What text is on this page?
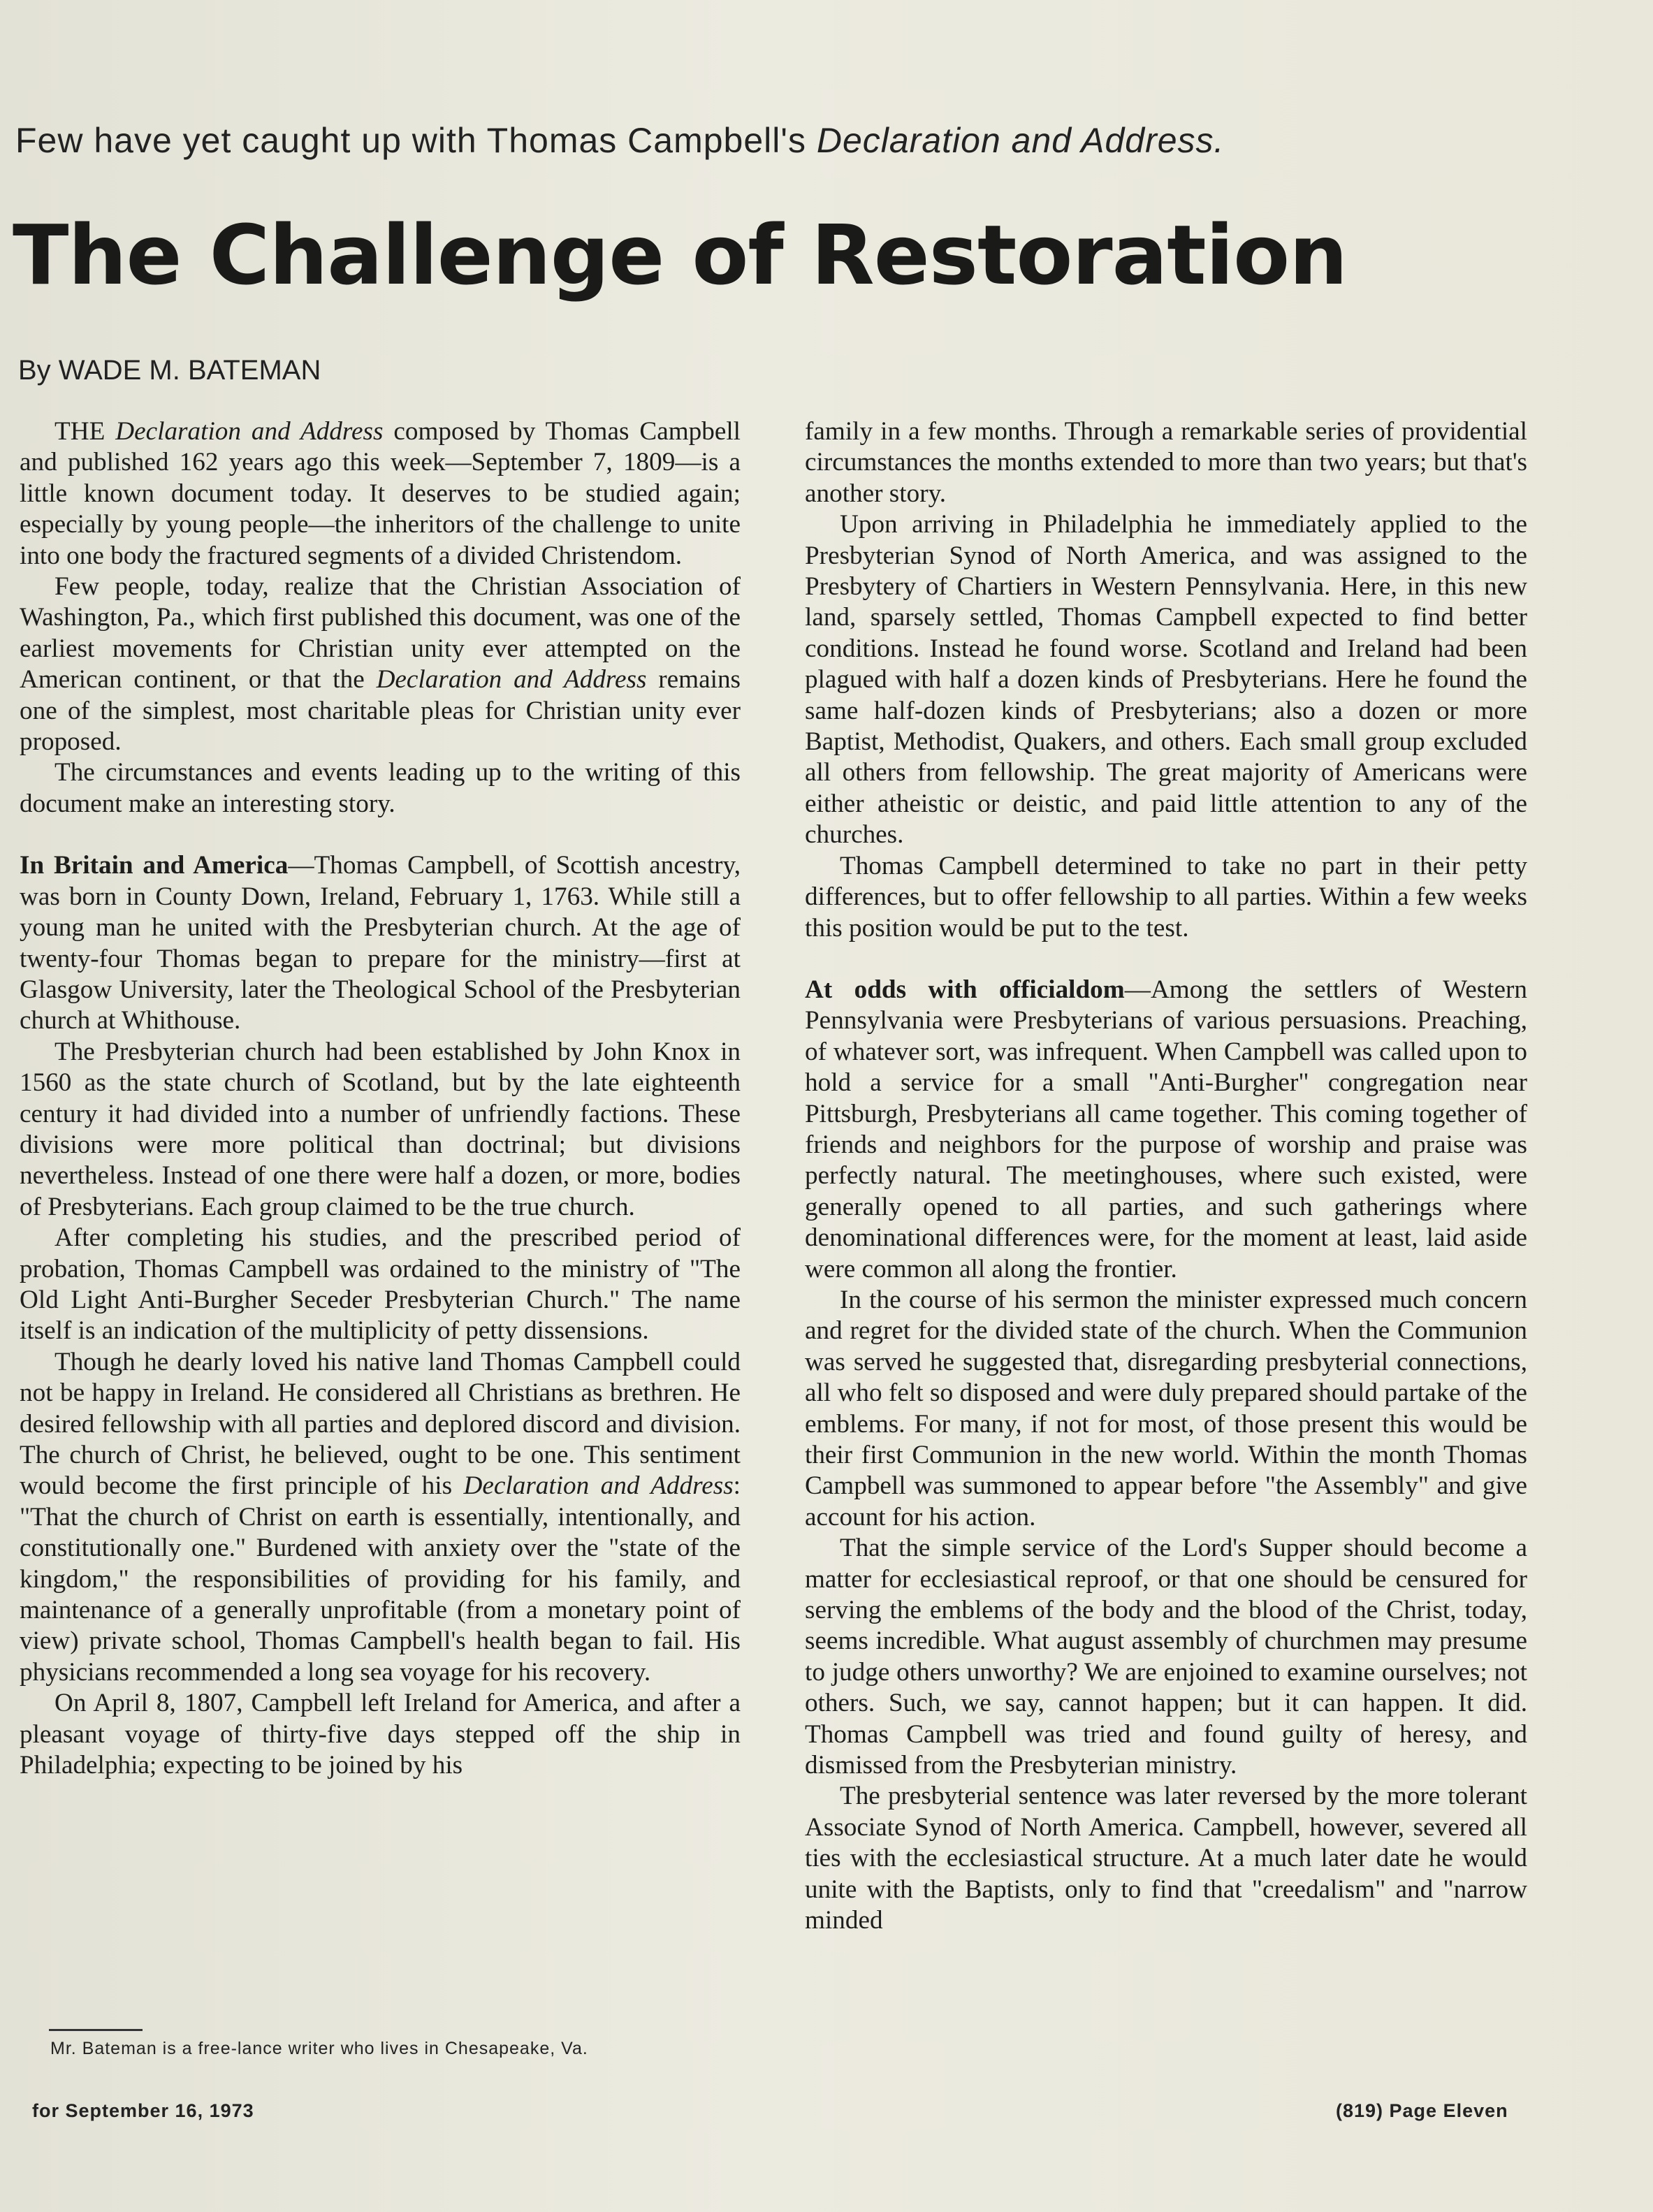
Few have yet caught up with Thomas Campbell's Declaration and Address.
The Challenge of Restoration
By WADE M. BATEMAN

THE Declaration and Address composed by Thomas Campbell and published 162 years ago this week—September 7, 1809—is a little known document today. It deserves to be studied again; especially by young people—the inheritors of the challenge to unite into one body the fractured segments of a divided Christendom.

Few people, today, realize that the Christian Association of Washington, Pa., which first published this document, was one of the earliest movements for Christian unity ever attempted on the American continent, or that the Declaration and Address remains one of the simplest, most charitable pleas for Christian unity ever proposed.

The circumstances and events leading up to the writing of this document make an interesting story.

In Britain and America—Thomas Campbell, of Scottish ancestry, was born in County Down, Ireland, February 1, 1763. While still a young man he united with the Presbyterian church. At the age of twenty-four Thomas began to prepare for the ministry—first at Glasgow University, later the Theological School of the Presbyterian church at Whithouse.

The Presbyterian church had been established by John Knox in 1560 as the state church of Scotland, but by the late eighteenth century it had divided into a number of unfriendly factions. These divisions were more political than doctrinal; but divisions nevertheless. Instead of one there were half a dozen, or more, bodies of Presbyterians. Each group claimed to be the true church.

After completing his studies, and the prescribed period of probation, Thomas Campbell was ordained to the ministry of "The Old Light Anti-Burgher Seceder Presbyterian Church." The name itself is an indication of the multiplicity of petty dissensions.

Though he dearly loved his native land Thomas Campbell could not be happy in Ireland. He considered all Christians as brethren. He desired fellowship with all parties and deplored discord and division. The church of Christ, he believed, ought to be one. This sentiment would become the first principle of his Declaration and Address: "That the church of Christ on earth is essentially, intentionally, and constitutionally one." Burdened with anxiety over the "state of the kingdom," the responsibilities of providing for his family, and maintenance of a generally unprofitable (from a monetary point of view) private school, Thomas Campbell's health began to fail. His physicians recommended a long sea voyage for his recovery.

On April 8, 1807, Campbell left Ireland for America, and after a pleasant voyage of thirty-five days stepped off the ship in Philadelphia; expecting to be joined by his

family in a few months. Through a remarkable series of providential circumstances the months extended to more than two years; but that's another story.

Upon arriving in Philadelphia he immediately applied to the Presbyterian Synod of North America, and was assigned to the Presbytery of Chartiers in Western Pennsylvania. Here, in this new land, sparsely settled, Thomas Campbell expected to find better conditions. Instead he found worse. Scotland and Ireland had been plagued with half a dozen kinds of Presbyterians. Here he found the same half-dozen kinds of Presbyterians; also a dozen or more Baptist, Methodist, Quakers, and others. Each small group excluded all others from fellowship. The great majority of Americans were either atheistic or deistic, and paid little attention to any of the churches.

Thomas Campbell determined to take no part in their petty differences, but to offer fellowship to all parties. Within a few weeks this position would be put to the test.

At odds with officialdom—Among the settlers of Western Pennsylvania were Presbyterians of various persuasions. Preaching, of whatever sort, was infrequent. When Campbell was called upon to hold a service for a small "Anti-Burgher" congregation near Pittsburgh, Presbyterians all came together. This coming together of friends and neighbors for the purpose of worship and praise was perfectly natural. The meetinghouses, where such existed, were generally opened to all parties, and such gatherings where denominational differences were, for the moment at least, laid aside were common all along the frontier.

In the course of his sermon the minister expressed much concern and regret for the divided state of the church. When the Communion was served he suggested that, disregarding presbyterial connections, all who felt so disposed and were duly prepared should partake of the emblems. For many, if not for most, of those present this would be their first Communion in the new world. Within the month Thomas Campbell was summoned to appear before "the Assembly" and give account for his action.

That the simple service of the Lord's Supper should become a matter for ecclesiastical reproof, or that one should be censured for serving the emblems of the body and the blood of the Christ, today, seems incredible. What august assembly of churchmen may presume to judge others unworthy? We are enjoined to examine ourselves; not others. Such, we say, cannot happen; but it can happen. It did. Thomas Campbell was tried and found guilty of heresy, and dismissed from the Presbyterian ministry.

The presbyterial sentence was later reversed by the more tolerant Associate Synod of North America. Campbell, however, severed all ties with the ecclesiastical structure. At a much later date he would unite with the Baptists, only to find that "creedalism" and "narrow minded

Mr. Bateman is a free-lance writer who lives in Chesapeake, Va.
for September 16, 1973	(819) Page Eleven
